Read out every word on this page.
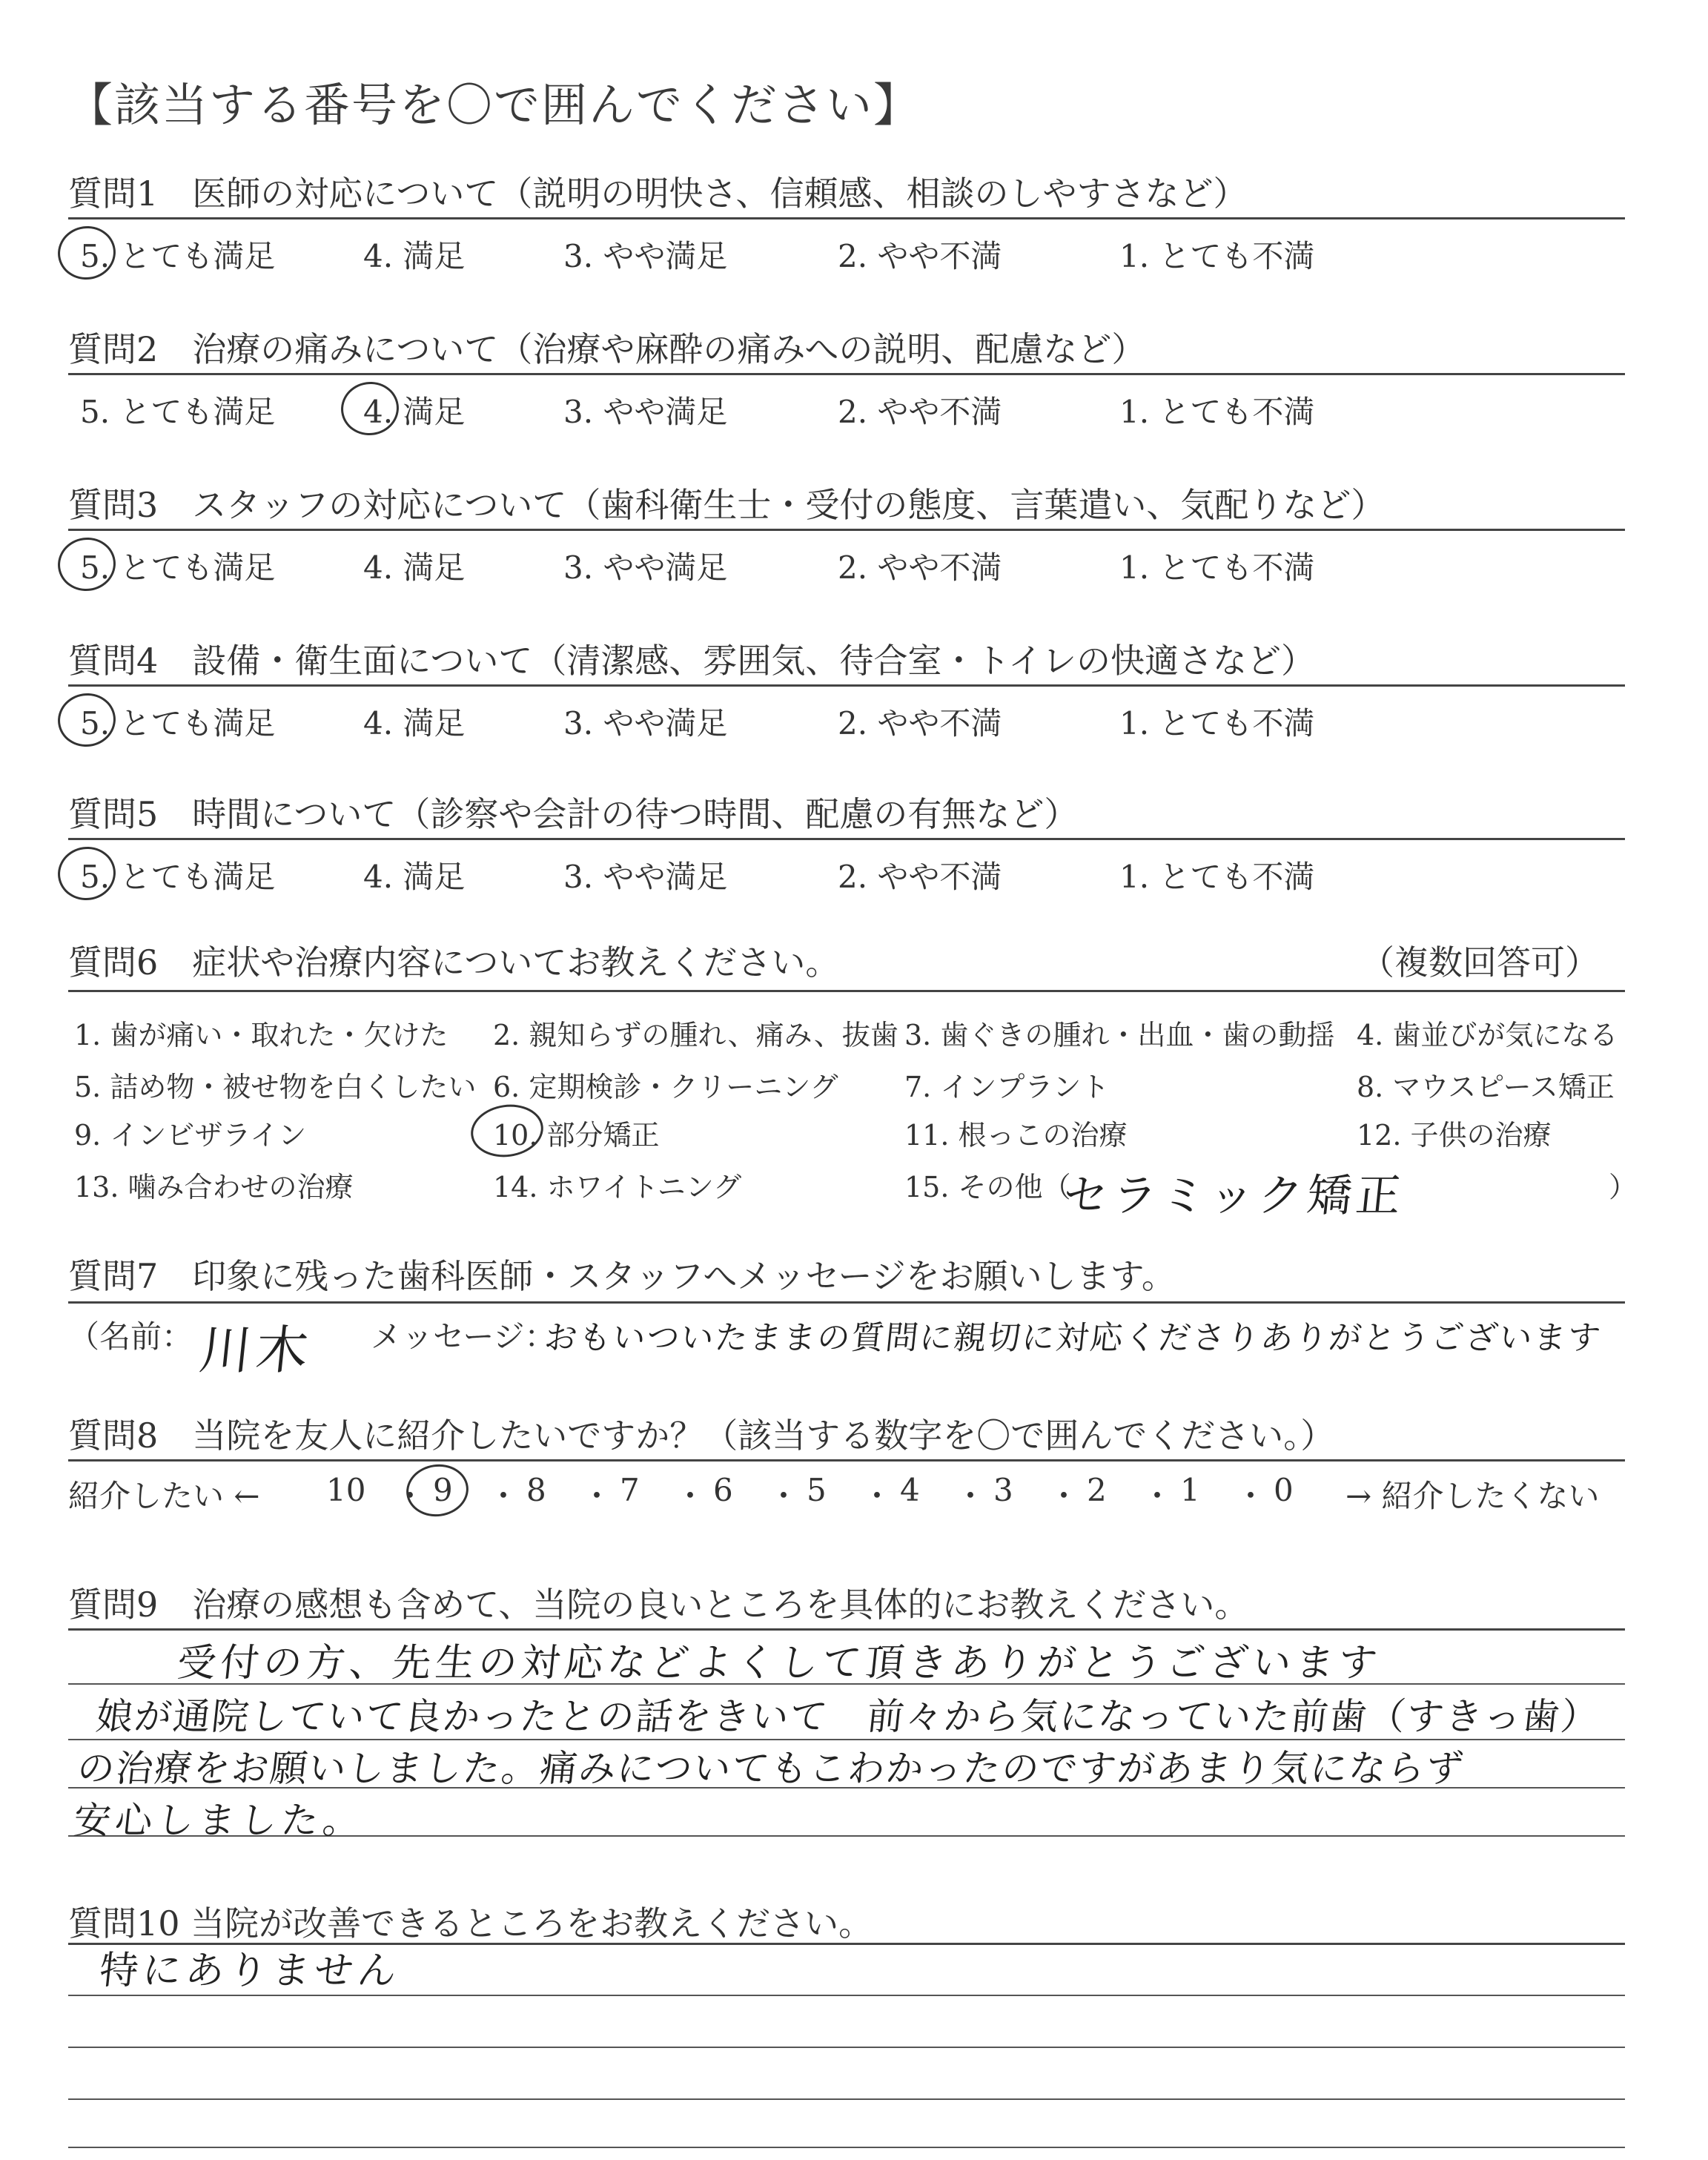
【該当する番号を〇で囲んでください】
質問1　医師の対応について（説明の明快さ、信頼感、相談のしやすさなど）
5. とても満足	4. 満足	3. やや満足	2. やや不満	1. とても不満
質問2　治療の痛みについて（治療や麻酔の痛みへの説明、配慮など）
5. とても満足	4. 満足	3. やや満足	2. やや不満	1. とても不満
質問3　スタッフの対応について（歯科衛生士・受付の態度、言葉遣い、気配りなど）
5. とても満足	4. 満足	3. やや満足	2. やや不満	1. とても不満
質問4　設備・衛生面について（清潔感、雰囲気、待合室・トイレの快適さなど）
5. とても満足	4. 満足	3. やや満足	2. やや不満	1. とても不満
質問5　時間について（診察や会計の待つ時間、配慮の有無など）
5. とても満足	4. 満足	3. やや満足	2. やや不満	1. とても不満
質問6　症状や治療内容についてお教えください。	（複数回答可）
1. 歯が痛い・取れた・欠けた 2. 親知らずの腫れ、痛み、抜歯 3. 歯ぐきの腫れ・出血・歯の動揺 4. 歯並びが気になる
5. 詰め物・被せ物を白くしたい 6. 定期検診・クリーニング 7. インプラント	8. マウスピース矯正
9. インビザライン	10. 部分矯正	11. 根っこの治療	12. 子供の治療
13. 噛み合わせの治療	14. ホワイトニング	15. その他（	）
セラミック矯正
質問7　印象に残った歯科医師・スタッフへメッセージをお願いします。
（名前： 川木 メッセージ：
おもいついたままの質問に親切に対応くださりありがとうございます
質問8　当院を友人に紹介したいですか？（該当する数字を〇で囲んでください。）
紹介したい ← 10 ・ 9 ・ 8 ・ 7 ・ 6 ・ 5 ・ 4 ・ 3 ・ 2 ・ 1 ・ 0 → 紹介したくない
質問9　治療の感想も含めて、当院の良いところを具体的にお教えください。
受付の方、先生の対応などよくして頂きありがとうございます
娘が通院していて良かったとの話をきいて　前々から気になっていた前歯（すきっ歯）
の治療をお願いしました。痛みについてもこわかったのですがあまり気にならず
安心しました。
質問10 当院が改善できるところをお教えください。
特にありません
